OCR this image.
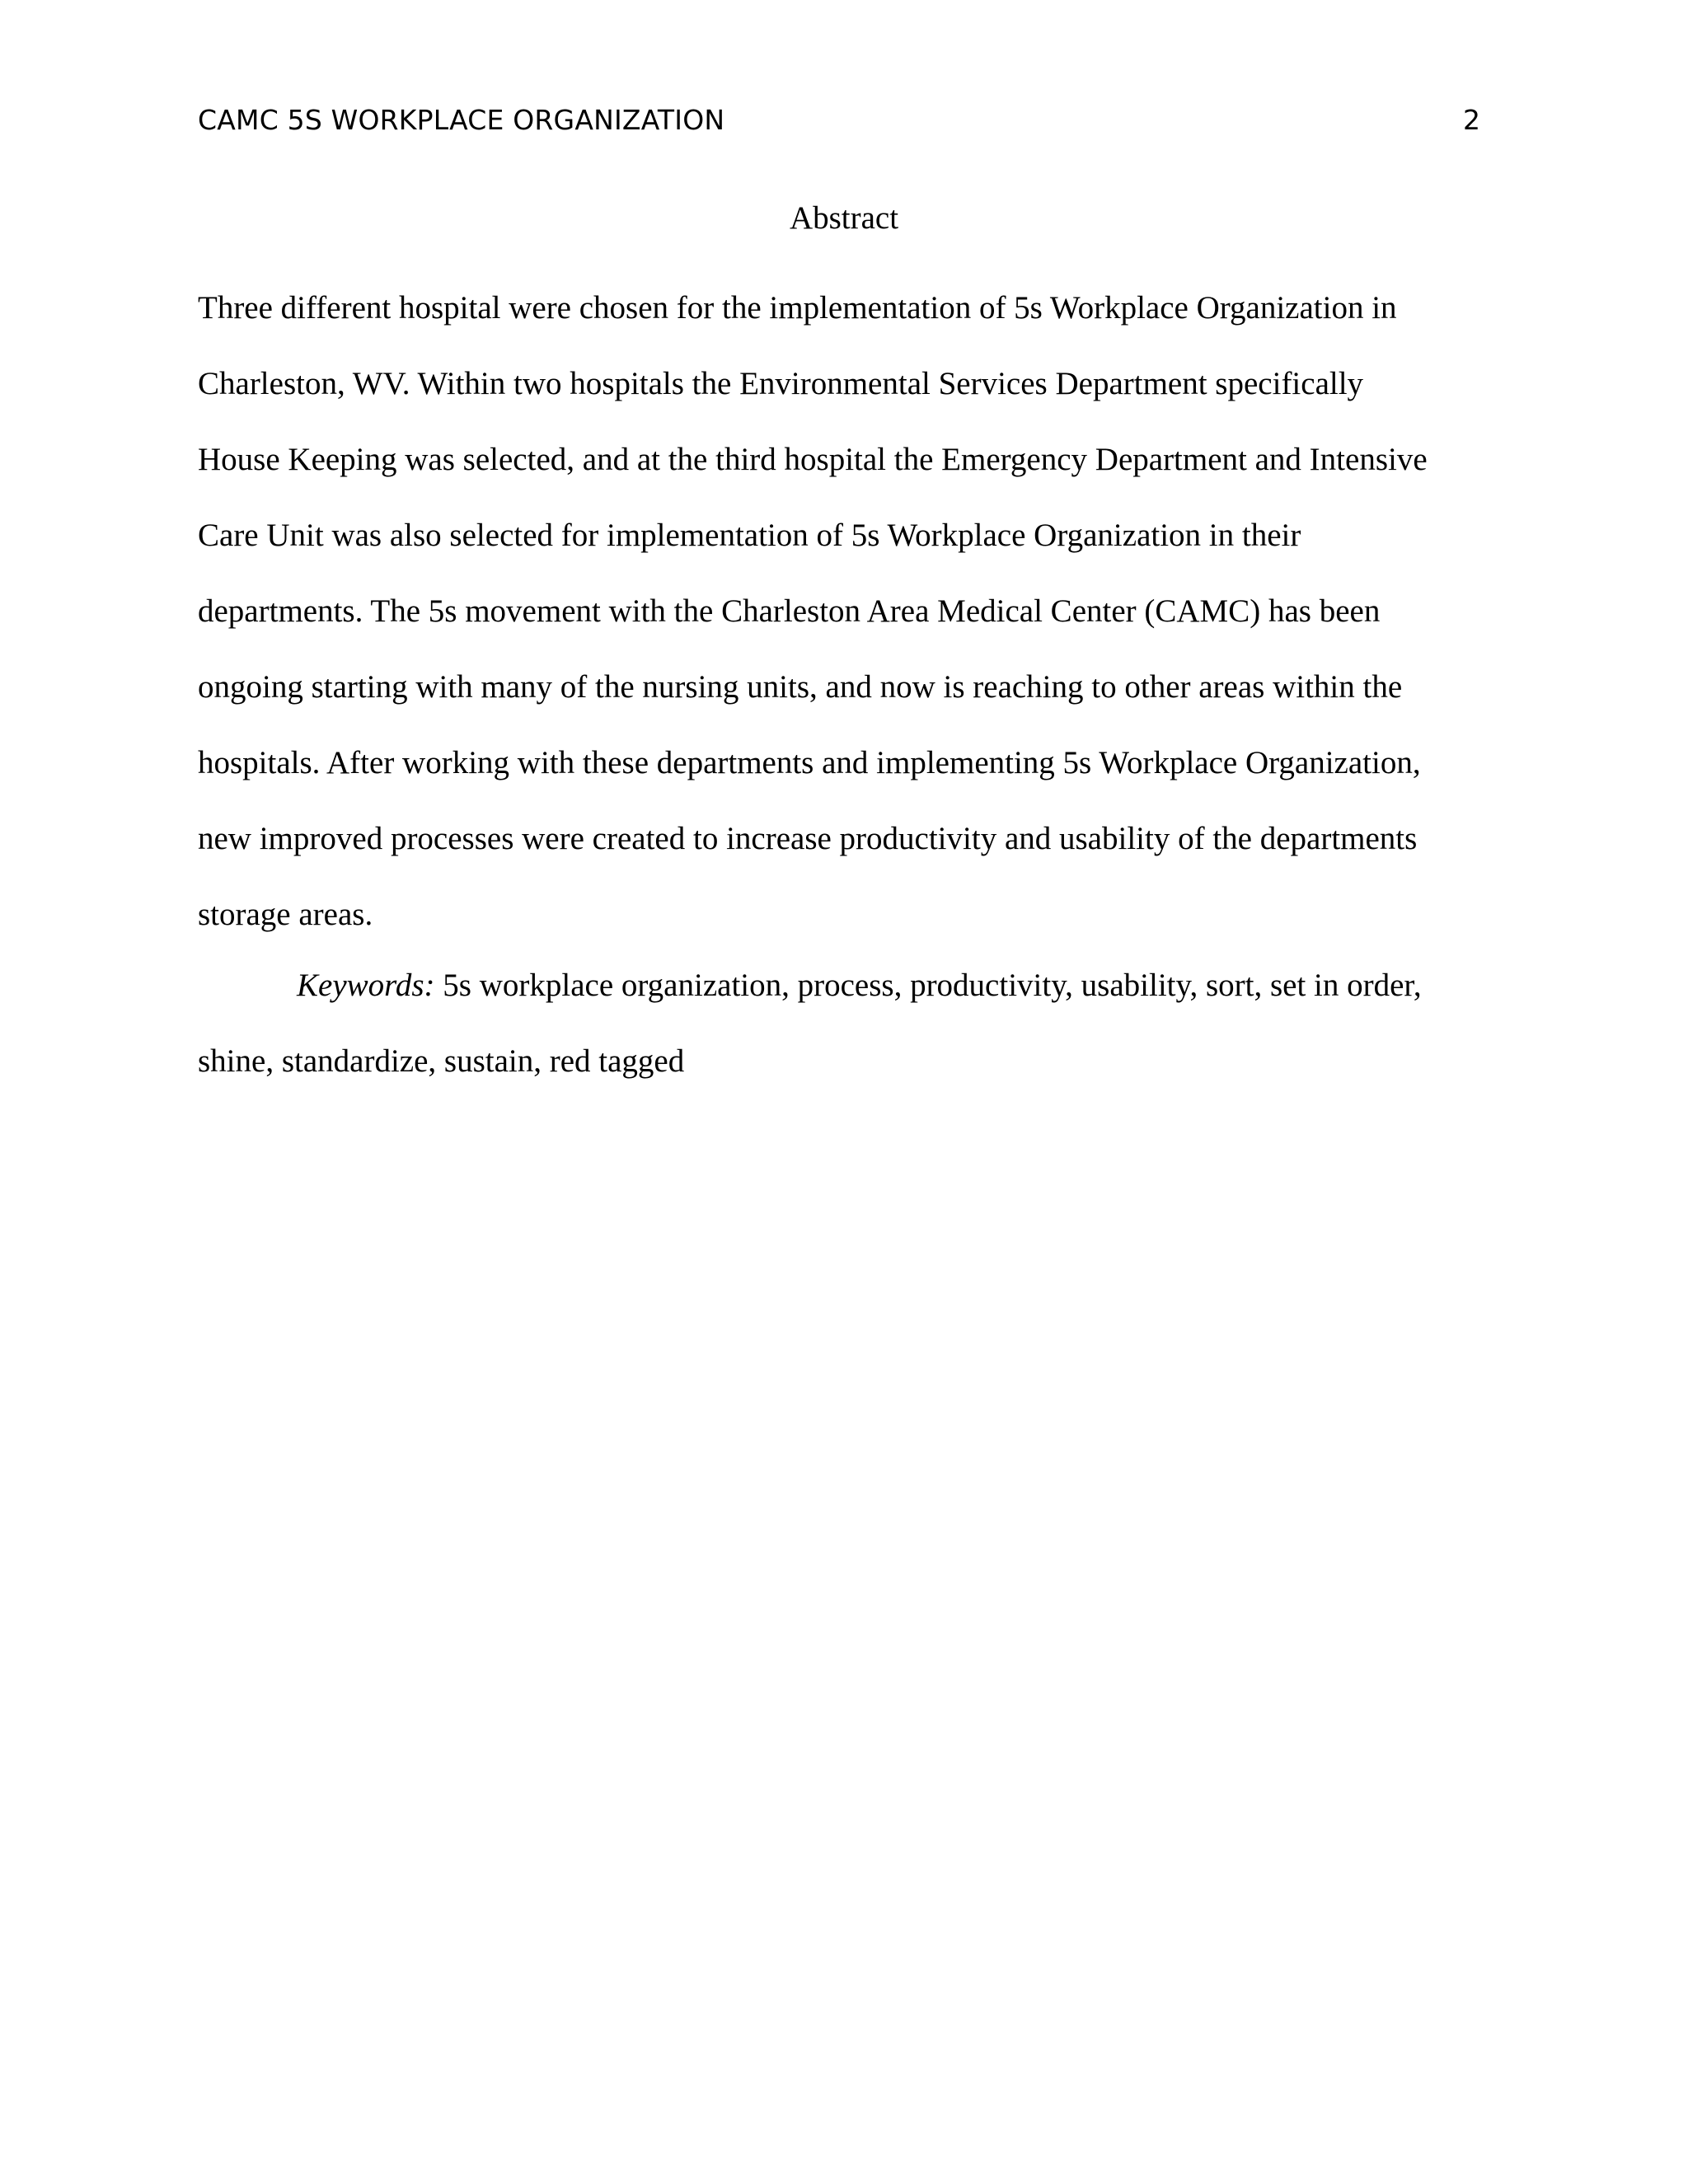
CAMC 5S WORKPLACE ORGANIZATION	2
Abstract
Three different hospital were chosen for the implementation of 5s Workplace Organization in
Charleston, WV. Within two hospitals the Environmental Services Department specifically
House Keeping was selected, and at the third hospital the Emergency Department and Intensive
Care Unit was also selected for implementation of 5s Workplace Organization in their
departments. The 5s movement with the Charleston Area Medical Center (CAMC) has been
ongoing starting with many of the nursing units, and now is reaching to other areas within the
hospitals. After working with these departments and implementing 5s Workplace Organization,
new improved processes were created to increase productivity and usability of the departments
storage areas.
Keywords: 5s workplace organization, process, productivity, usability, sort, set in order,
shine, standardize, sustain, red tagged
